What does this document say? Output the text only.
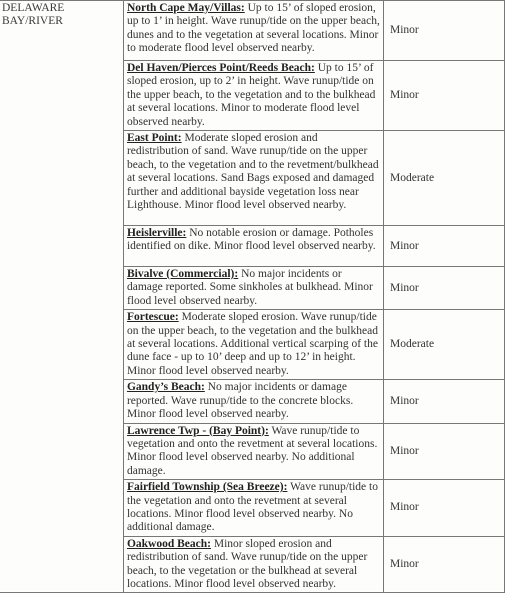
DELAWARE
BAY/RIVER	North Cape May/Villas: Up to 15’ of sloped erosion, up to 1’ in height. Wave runup/tide on the upper beach, dunes and to the vegetation at several locations. Minor to moderate flood level observed nearby.	Minor
	Del Haven/Pierces Point/Reeds Beach: Up to 15’ of sloped erosion, up to 2’ in height. Wave runup/tide on the upper beach, to the vegetation and to the bulkhead at several locations. Minor to moderate flood level observed nearby.	Minor
	East Point: Moderate sloped erosion and redistribution of sand. Wave runup/tide on the upper beach, to the vegetation and to the revetment/bulkhead at several locations. Sand Bags exposed and damaged further and additional bayside vegetation loss near Lighthouse. Minor flood level observed nearby.	Moderate
	Heislerville: No notable erosion or damage. Potholes identified on dike. Minor flood level observed nearby.	Minor
	Bivalve (Commercial): No major incidents or damage reported. Some sinkholes at bulkhead. Minor flood level observed nearby.	Minor
	Fortescue: Moderate sloped erosion. Wave runup/tide on the upper beach, to the vegetation and the bulkhead at several locations. Additional vertical scarping of the dune face - up to 10’ deep and up to 12’ in height. Minor flood level observed nearby.	Moderate
	Gandy’s Beach: No major incidents or damage reported. Wave runup/tide to the concrete blocks. Minor flood level observed nearby.	Minor
	Lawrence Twp - (Bay Point): Wave runup/tide to vegetation and onto the revetment at several locations. Minor flood level observed nearby. No additional damage.	Minor
	Fairfield Township (Sea Breeze): Wave runup/tide to the vegetation and onto the revetment at several locations. Minor flood level observed nearby. No additional damage.	Minor
	Oakwood Beach: Minor sloped erosion and redistribution of sand. Wave runup/tide on the upper beach, to the vegetation or the bulkhead at several locations. Minor flood level observed nearby.	Minor
